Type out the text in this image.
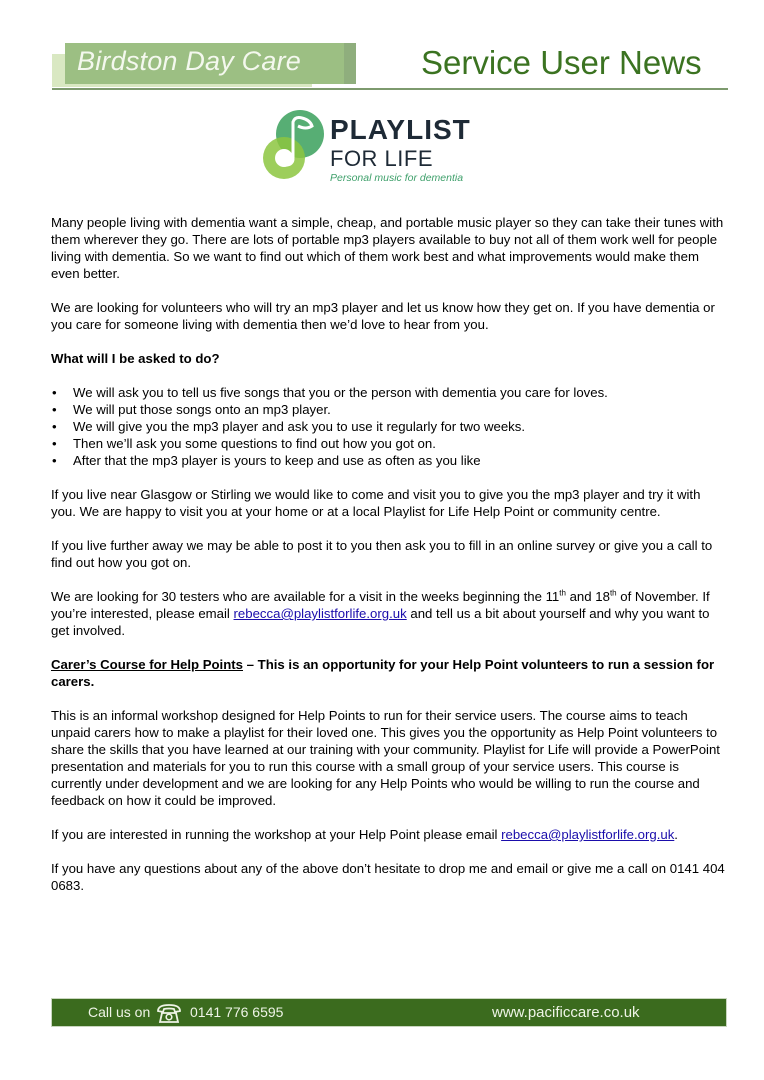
Birdston Day Care	Service User News
PLAYLIST
FOR LIFE
Personal music for dementia

Many people living with dementia want a simple, cheap, and portable music player so they can take their tunes with them wherever they go. There are lots of portable mp3 players available to buy not all of them work well for people living with dementia. So we want to find out which of them work best and what improvements would make them even better.

We are looking for volunteers who will try an mp3 player and let us know how they get on. If you have dementia or you care for someone living with dementia then we’d love to hear from you.

What will I be asked to do?

• We will ask you to tell us five songs that you or the person with dementia you care for loves.
• We will put those songs onto an mp3 player.
• We will give you the mp3 player and ask you to use it regularly for two weeks.
• Then we’ll ask you some questions to find out how you got on.
• After that the mp3 player is yours to keep and use as often as you like

If you live near Glasgow or Stirling we would like to come and visit you to give you the mp3 player and try it with you. We are happy to visit you at your home or at a local Playlist for Life Help Point or community centre.

If you live further away we may be able to post it to you then ask you to fill in an online survey or give you a call to find out how you got on.

We are looking for 30 testers who are available for a visit in the weeks beginning the 11th and 18th of November. If you’re interested, please email rebecca@playlistforlife.org.uk and tell us a bit about yourself and why you want to get involved.

Carer’s Course for Help Points – This is an opportunity for your Help Point volunteers to run a session for carers.

This is an informal workshop designed for Help Points to run for their service users. The course aims to teach unpaid carers how to make a playlist for their loved one. This gives you the opportunity as Help Point volunteers to share the skills that you have learned at our training with your community. Playlist for Life will provide a PowerPoint presentation and materials for you to run this course with a small group of your service users. This course is currently under development and we are looking for any Help Points who would be willing to run the course and feedback on how it could be improved.

If you are interested in running the workshop at your Help Point please email rebecca@playlistforlife.org.uk.

If you have any questions about any of the above don’t hesitate to drop me and email or give me a call on 0141 404 0683.

Call us on	0141 776 6595	www.pacificcare.co.uk
